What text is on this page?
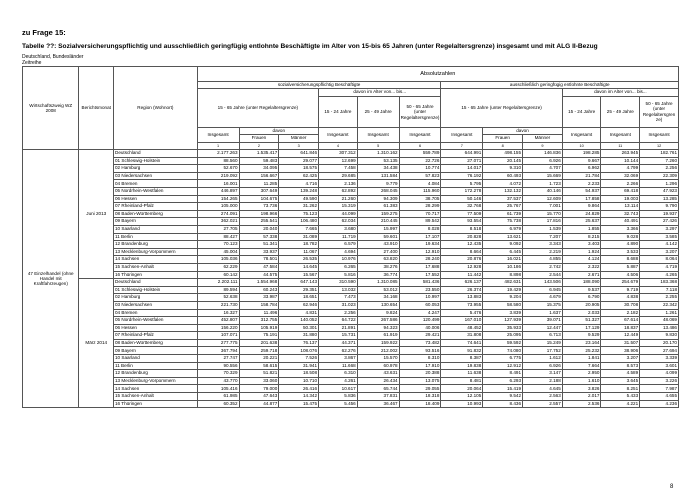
zu Frage 15:
Tabelle ??: Sozialversicherungspflichtig und ausschließlich geringfügig entlohnte Beschäftigte im Alter von 15-bis 65 Jahren (unter Regelaltersgrenze) insgesamt und mit ALG II-Bezug
Deutschland, Bundesländer
Zeitreihe
Wirtschaftszweig WZ 2008	Berichtsmonat	Region (Wohnort)	Absolutzahlen											
			sozialversicherungspflichtig Beschäftigte						ausschließlich geringfügig entlohnte Beschäftigte					
			15 - 65 Jahre (unter Regelaltersgrenze)			davon im Alter von... bis...			15 - 65 Jahre (unter Regelaltersgrenze)			davon im Alter von... bis...		
						15 - 24 Jahre	25 - 49 Jahre	50 - 65 Jahre (unter Regelaltersgrenze)				15 - 24 Jahre	25 - 49 Jahre	50 - 65 Jahre (unter Regelaltersgren ze)
			Insgesamt	davon		Insgesamt	Insgesamt	Insgesamt	Insgesamt	davon		Insgesamt	Insgesamt	Insgesamt
				Frauen	Männer					Frauen	Männer			
			1	2	3	4	5	6	7	8	9	10	11	12
47 Einzelhandel (ohne Handel mit Kraftfahrzeugen)	Juni 2013	Deutschland	2.177.263	1.535.417	641.846	307.312	1.310.162	559.789	644.991	498.155	146.836	198.285	263.945	182.761
		01 Schleswig-Holstein	88.560	59.483	29.077	12.699	53.135	22.726	27.071	20.145	6.926	9.667	10.144	7.260
		02 Hamburg	52.670	34.095	18.575	7.458	34.438	10.774	14.017	9.310	4.707	6.962	4.799	2.256
		03 Niedersachsen	219.092	156.667	62.425	29.685	131.584	57.823	76.192	60.493	15.669	21.784	32.069	22.309
		04 Bremen	16.001	11.285	4.716	2.136	9.779	4.084	5.795	4.072	1.723	2.233	2.266	1.296
		05 Nordrhein-Westfalen	446.897	307.649	139.248	62.892	268.045	115.960	172.278	132.132	40.146	54.937	69.418	47.923
		06 Hessen	154.265	104.675	49.590	21.260	94.309	38.705	50.146	37.537	12.609	17.858	19.003	13.285
		07 Rheinland-Pfalz	105.000	73.736	31.262	15.319	61.383	28.299	32.768	25.767	7.001	9.864	13.114	9.790
		08 Baden-Württemberg	274.091	198.966	75.123	44.099	159.275	70.717	77.509	61.739	15.770	24.829	32.743	19.937
		09 Bayern	362.021	255.541	106.480	62.034	210.445	89.542	93.554	75.738	17.816	25.637	40.491	27.426
		10 Saarland	27.705	20.040	7.665	3.680	15.997	8.028	8.518	6.979	1.539	1.855	3.366	3.297
		11 Berlin	88.427	57.338	31.089	11.719	59.601	17.107	20.828	13.621	7.207	8.215	9.028	3.585
		12 Brandenburg	70.123	51.341	18.782	6.579	43.910	19.634	12.435	9.092	3.343	3.403	4.890	4.142
		13 Mecklenburg-Vorpommern	45.004	33.937	11.067	4.694	27.400	12.910	8.664	6.445	2.219	1.924	3.533	3.207
		14 Sachsen	105.036	78.501	26.535	10.976	63.820	28.240	20.876	16.021	4.855	4.124	8.688	8.064
		15 Sachsen-Anhalt	62.229	47.584	14.645	6.265	38.276	17.688	12.928	10.186	2.742	2.322	5.887	4.719
		16 Thüringen	60.142	44.575	15.567	5.816	36.774	17.552	11.442	8.898	2.544	2.671	4.506	4.265
	März 2014	Deutschland	2.202.111	1.554.968	647.143	310.590	1.310.085	581.436	626.137	482.631	143.506	188.090	254.679	183.368
		01 Schleswig-Holstein	89.594	60.243	29.351	13.032	53.012	23.550	26.374	19.429	6.945	9.537	9.719	7.118
		02 Hamburg	52.638	33.987	18.651	7.473	34.168	10.997	13.883	9.204	4.679	6.790	4.838	2.255
		03 Niedersachsen	221.730	158.784	62.946	31.023	130.654	60.053	73.955	58.580	15.375	20.905	30.708	22.342
		04 Bremen	16.327	11.496	4.831	2.256	9.824	4.247	5.476	3.839	1.637	2.033	2.182	1.261
		05 Nordrhein-Westfalen	452.807	312.755	140.052	64.722	267.586	120.499	167.010	127.939	39.071	51.327	67.614	48.069
		06 Hessen	156.220	105.919	50.301	21.891	94.323	40.006	48.452	35.933	12.447	17.129	18.837	13.486
		07 Rheinland-Pfalz	107.071	75.191	31.880	15.731	61.919	29.421	31.808	25.095	6.713	9.529	12.449	9.830
		08 Baden-Württemberg	277.775	201.638	76.137	44.371	159.922	73.482	74.641	59.592	15.249	23.164	31.507	20.170
		09 Bayern	367.794	259.718	108.076	62.276	212.002	93.516	91.832	74.080	17.752	25.232	38.906	27.694
		10 Saarland	27.747	20.221	7.526	3.867	15.570	8.310	8.387	6.775	1.612	1.841	3.207	3.339
		11 Berlin	90.556	58.615	31.941	11.668	60.978	17.910	19.838	12.912	6.926	7.664	8.573	3.601
		12 Brandenburg	70.329	51.821	18.508	6.310	43.631	20.388	11.638	8.491	3.147	2.950	4.589	4.099
		13 Mecklenburg-Vorpommern	43.770	33.060	10.710	4.261	26.434	13.075	8.481	6.293	2.188	1.610	3.645	3.226
		14 Sachsen	105.416	79.000	26.416	10.617	65.744	29.055	20.064	15.419	4.645	3.826	8.251	7.987
		15 Sachsen-Anhalt	61.985	47.643	14.342	5.836	37.831	18.318	12.105	9.542	2.563	2.017	5.433	4.655
		16 Thüringen	60.352	44.877	15.475	5.456	36.467	18.409	10.993	8.436	2.557	2.536	4.221	4.236
8
